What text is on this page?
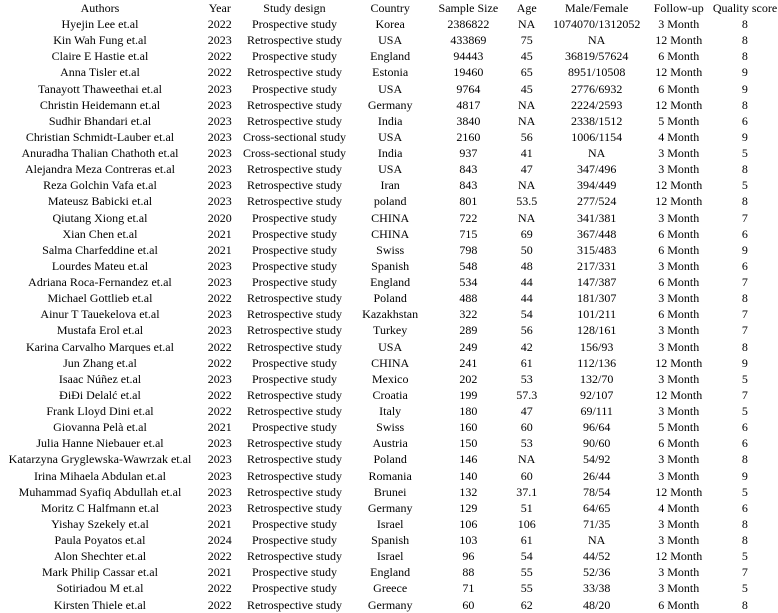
Authors	Year	Study design	Country	Sample Size	Age	Male/Female	Follow-up	Quality score
Hyejin Lee et.al	2022	Prospective study	Korea	2386822	NA	1074070/1312052	3 Month	8
Kin Wah Fung et.al	2023	Retrospective study	USA	433869	75	NA	12 Month	8
Claire E Hastie et.al	2022	Prospective study	England	94443	45	36819/57624	6 Month	8
Anna Tisler et.al	2022	Retrospective study	Estonia	19460	65	8951/10508	12 Month	9
Tanayott Thaweethai et.al	2023	Prospective study	USA	9764	45	2776/6932	6 Month	9
Christin Heidemann et.al	2023	Retrospective study	Germany	4817	NA	2224/2593	12 Month	8
Sudhir Bhandari et.al	2023	Retrospective study	India	3840	NA	2338/1512	5 Month	6
Christian Schmidt-Lauber et.al	2023	Cross-sectional study	USA	2160	56	1006/1154	4 Month	9
Anuradha Thalian Chathoth et.al	2023	Cross-sectional study	India	937	41	NA	3 Month	5
Alejandra Meza Contreras et.al	2023	Retrospective study	USA	843	47	347/496	3 Month	8
Reza Golchin Vafa et.al	2023	Retrospective study	Iran	843	NA	394/449	12 Month	5
Mateusz Babicki et.al	2023	Retrospective study	poland	801	53.5	277/524	12 Month	8
Qiutang Xiong et.al	2020	Prospective study	CHINA	722	NA	341/381	3 Month	7
Xian Chen et.al	2021	Prospective study	CHINA	715	69	367/448	6 Month	6
Salma Charfeddine et.al	2021	Prospective study	Swiss	798	50	315/483	6 Month	9
Lourdes Mateu et.al	2023	Prospective study	Spanish	548	48	217/331	3 Month	6
Adriana Roca-Fernandez et.al	2023	Prospective study	England	534	44	147/387	6 Month	7
Michael Gottlieb et.al	2022	Retrospective study	Poland	488	44	181/307	3 Month	8
Ainur T Tauekelova et.al	2023	Retrospective study	Kazakhstan	322	54	101/211	6 Month	7
Mustafa Erol et.al	2023	Retrospective study	Turkey	289	56	128/161	3 Month	7
Karina Carvalho Marques et.al	2022	Retrospective study	USA	249	42	156/93	3 Month	8
Jun Zhang et.al	2022	Prospective study	CHINA	241	61	112/136	12 Month	9
Isaac Núñez et.al	2023	Prospective study	Mexico	202	53	132/70	3 Month	5
ĐiĐi Delalć et.al	2022	Retrospective study	Croatia	199	57.3	92/107	12 Month	7
Frank Lloyd Dini et.al	2022	Retrospective study	Italy	180	47	69/111	3 Month	5
Giovanna Pelà et.al	2021	Prospective study	Swiss	160	60	96/64	5 Month	6
Julia Hanne Niebauer et.al	2023	Retrospective study	Austria	150	53	90/60	6 Month	6
Katarzyna Gryglewska-Wawrzak et.al	2023	Retrospective study	Poland	146	NA	54/92	3 Month	8
Irina Mihaela Abdulan et.al	2023	Retrospective study	Romania	140	60	26/44	3 Month	9
Muhammad Syafiq Abdullah et.al	2023	Retrospective study	Brunei	132	37.1	78/54	12 Month	5
Moritz C Halfmann et.al	2023	Retrospective study	Germany	129	51	64/65	4 Month	6
Yishay Szekely et.al	2021	Prospective study	Israel	106	106	71/35	3 Month	8
Paula Poyatos et.al	2024	Prospective study	Spanish	103	61	NA	3 Month	8
Alon Shechter et.al	2022	Retrospective study	Israel	96	54	44/52	12 Month	5
Mark Philip Cassar et.al	2021	Prospective study	England	88	55	52/36	3 Month	7
Sotiriadou M et.al	2022	Prospective study	Greece	71	55	33/38	3 Month	5
Kirsten Thiele et.al	2022	Retrospective study	Germany	60	62	48/20	6 Month	8
